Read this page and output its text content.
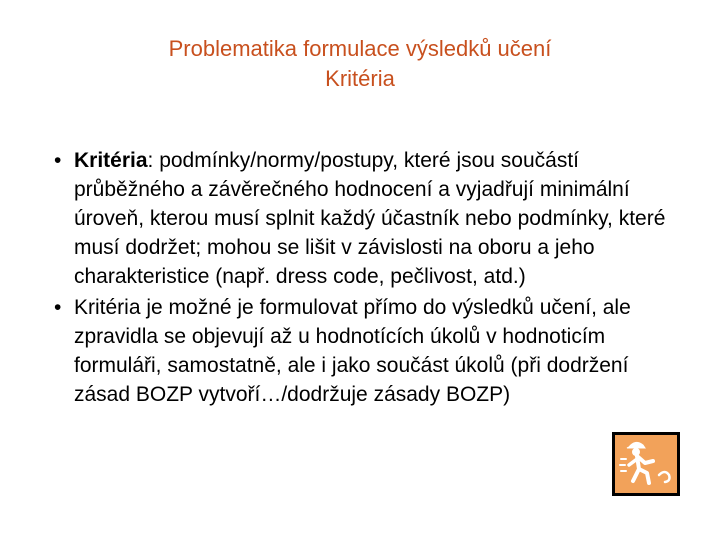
Problematika formulace výsledků učení
Kritéria
• Kritéria: podmínky/normy/postupy, které jsou součástí průběžného a závěrečného hodnocení a vyjadřují minimální úroveň, kterou musí splnit každý účastník nebo podmínky, které musí dodržet; mohou se lišit v závislosti na oboru a jeho charakteristice (např. dress code, pečlivost, atd.)
• Kritéria je možné je formulovat přímo do výsledků učení, ale zpravidla se objevují až u hodnotících úkolů v hodnoticím formuláři, samostatně, ale i jako součást úkolů (při dodržení zásad BOZP vytvoří…/dodržuje zásady BOZP)
